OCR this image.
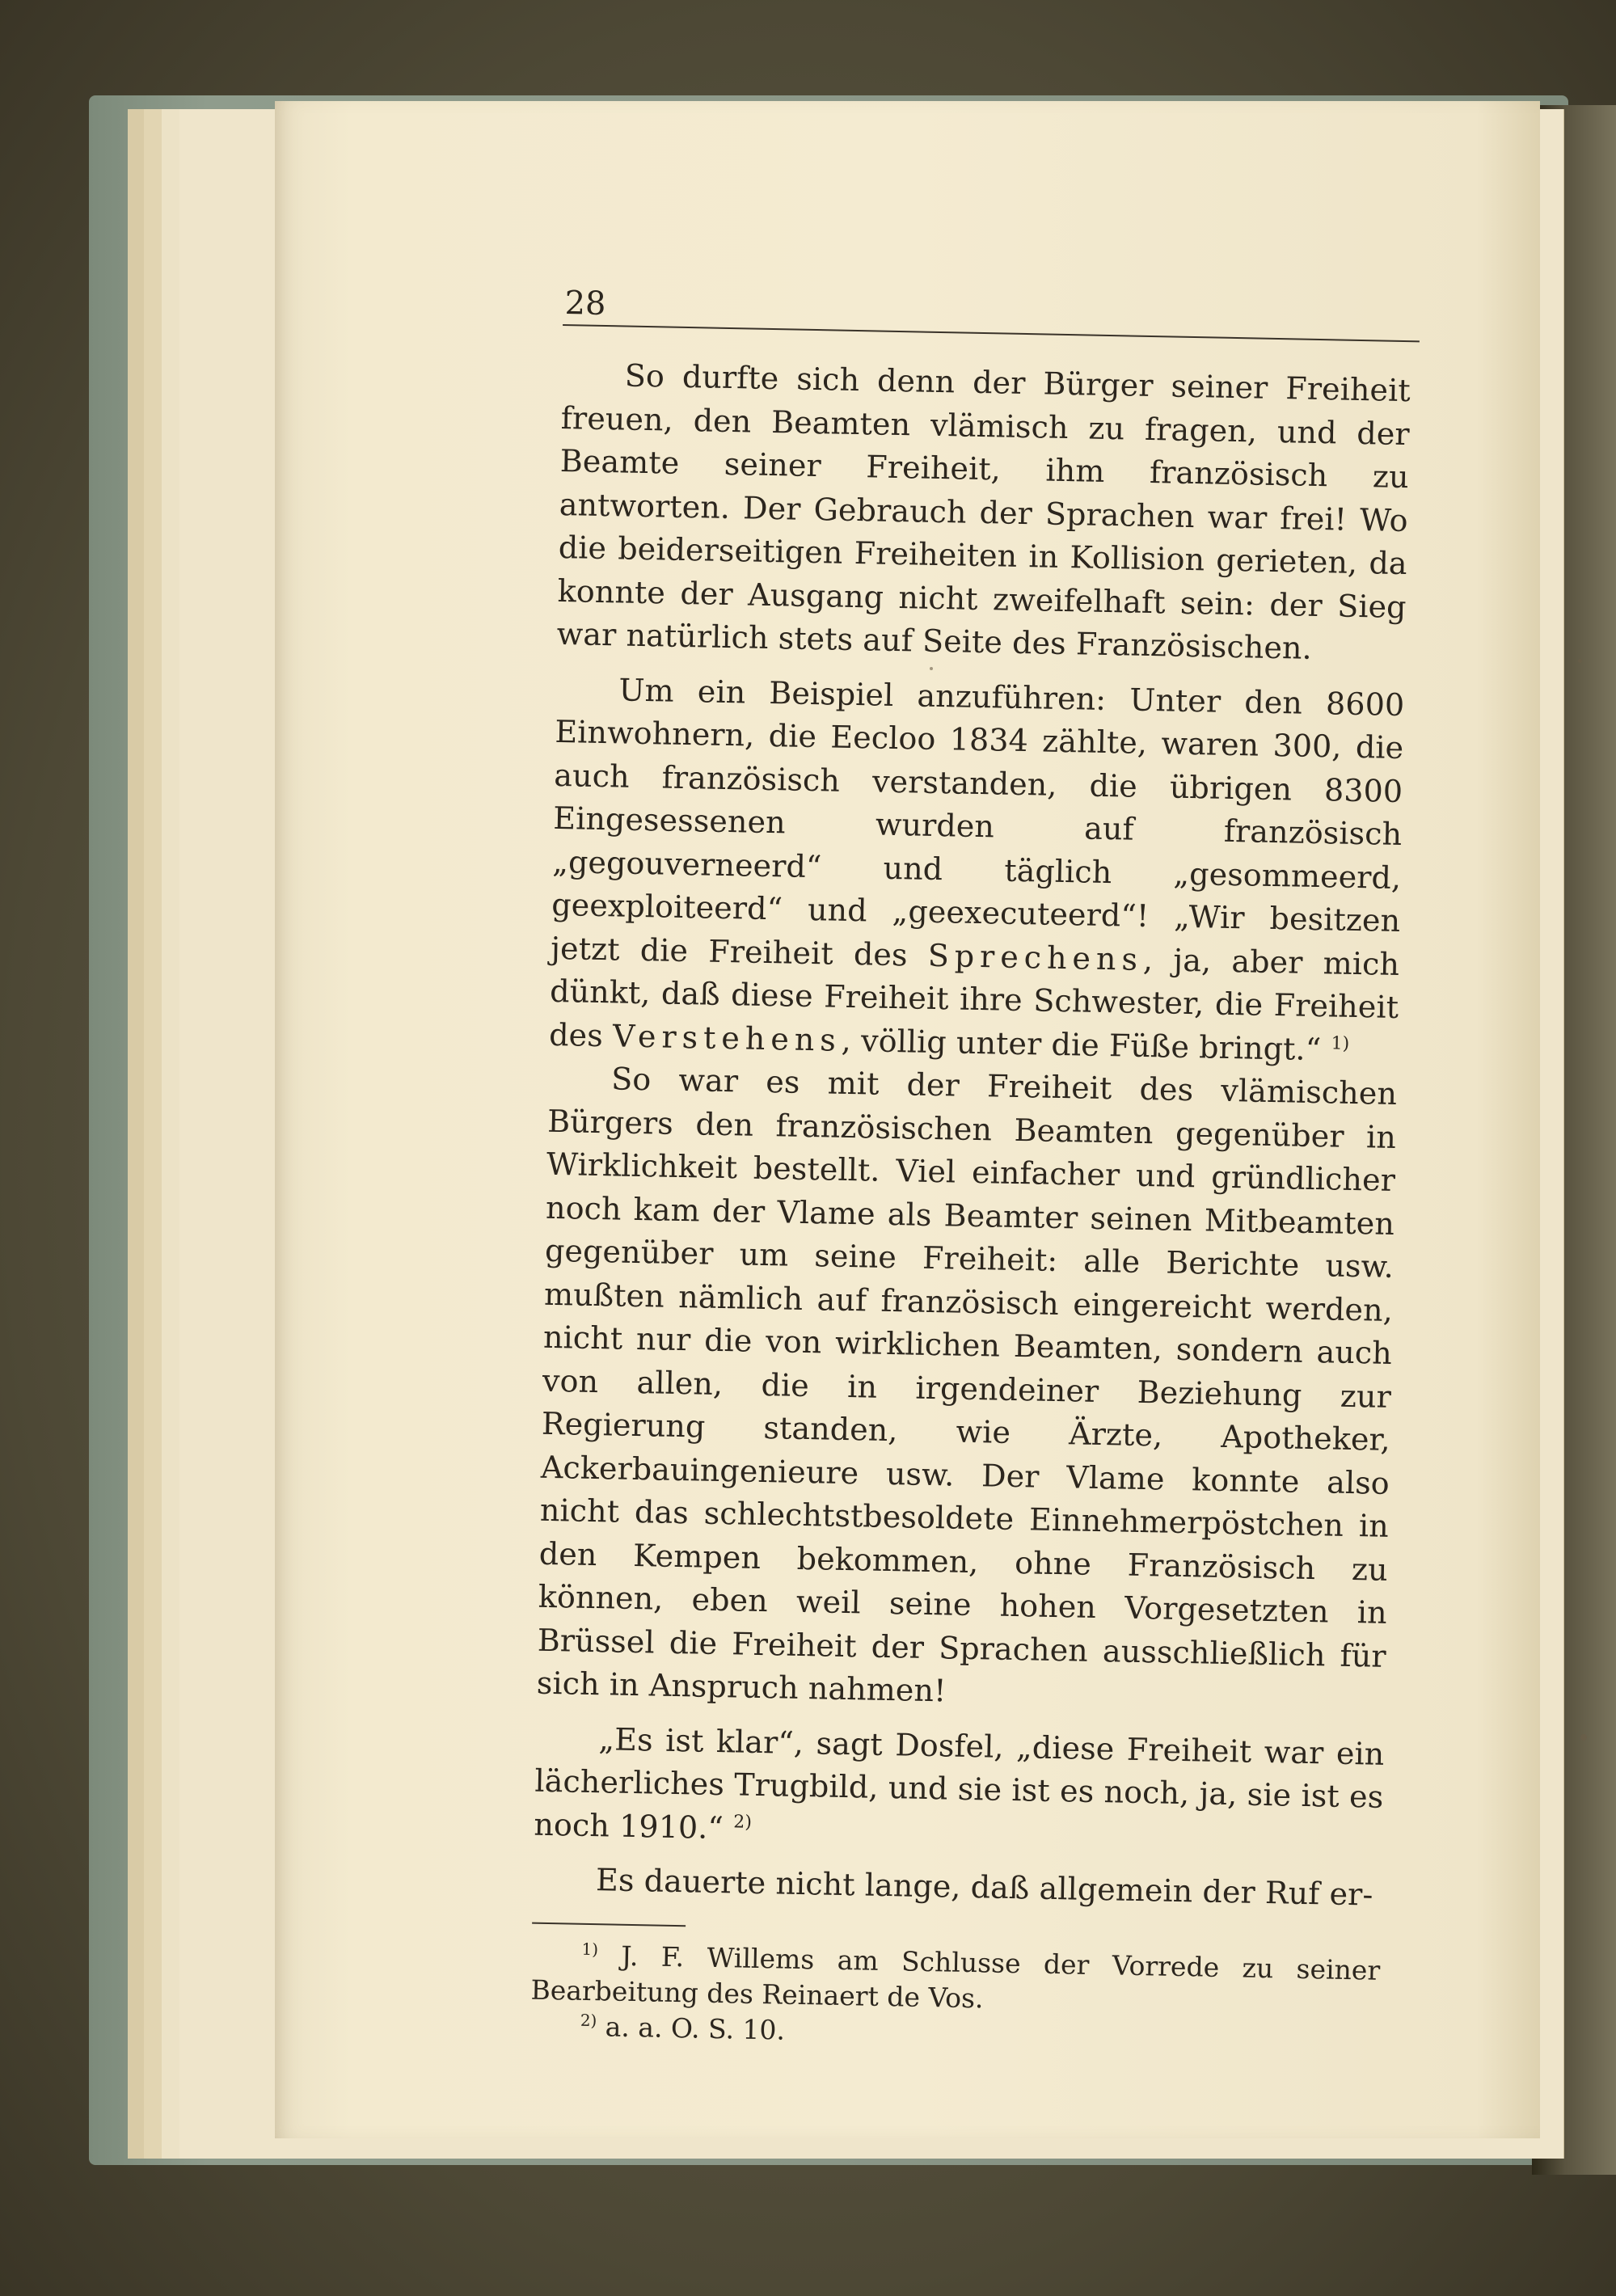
28

So durfte sich denn der Bürger seiner Freiheit freuen, den Beamten vlämisch zu fragen, und der Beamte seiner Freiheit, ihm französisch zu antworten. Der Gebrauch der Sprachen war frei! Wo die beiderseitigen Freiheiten in Kollision gerieten, da konnte der Ausgang nicht zweifelhaft sein: der Sieg war natürlich stets auf Seite des Französischen.

Um ein Beispiel anzuführen: Unter den 8600 Einwohnern, die Eecloo 1834 zählte, waren 300, die auch französisch verstanden, die übrigen 8300 Eingesessenen wurden auf französisch „gegouverneerd“ und täglich „gesommeerd, geexploiteerd“ und „geexecuteerd“! „Wir besitzen jetzt die Freiheit des Sprechens, ja, aber mich dünkt, daß diese Freiheit ihre Schwester, die Freiheit des Verstehens, völlig unter die Füße bringt.“ $^{1)}$

So war es mit der Freiheit des vlämischen Bürgers den französischen Beamten gegenüber in Wirklichkeit bestellt. Viel einfacher und gründlicher noch kam der Vlame als Beamter seinen Mitbeamten gegenüber um seine Freiheit: alle Berichte usw. mußten nämlich auf französisch eingereicht werden, nicht nur die von wirklichen Beamten, sondern auch von allen, die in irgendeiner Beziehung zur Regierung standen, wie Ärzte, Apotheker, Ackerbauingenieure usw. Der Vlame konnte also nicht das schlechtstbesoldete Einnehmerpöstchen in den Kempen bekommen, ohne Französisch zu können, eben weil seine hohen Vorgesetzten in Brüssel die Freiheit der Sprachen ausschließlich für sich in Anspruch nahmen!

„Es ist klar“, sagt Dosfel, „diese Freiheit war ein lächerliches Trugbild, und sie ist es noch, ja, sie ist es noch 1910.“ $^{2)}$

Es dauerte nicht lange, daß allgemein der Ruf er-

$^{1)}$ J. F. Willems am Schlusse der Vorrede zu seiner Bearbeitung des Reinaert de Vos.

$^{2)}$ a. a. O. S. 10.
